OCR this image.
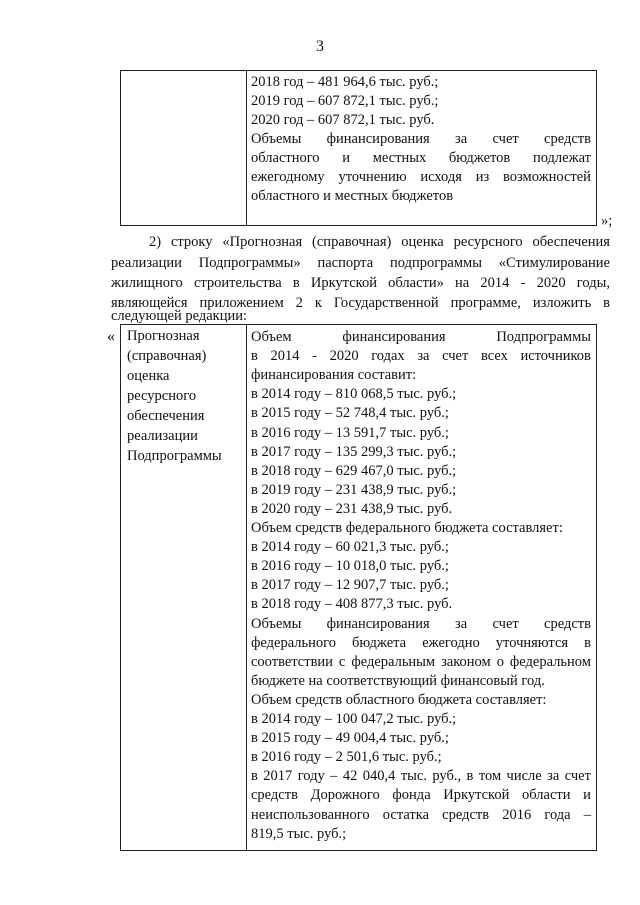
3
2018 год – 481 964,6 тыс. руб.;
2019 год – 607 872,1 тыс. руб.;
2020 год – 607 872,1 тыс. руб.
Объемы финансирования за счет средств
областного и местных бюджетов подлежат
ежегодному уточнению исходя из возможностей
областного и местных бюджетов
»;
2) строку «Прогнозная (справочная) оценка ресурсного обеспечения
реализации Подпрограммы» паспорта подпрограммы «Стимулирование
жилищного строительства в Иркутской области» на 2014 - 2020 годы,
являющейся приложением 2 к Государственной программе, изложить в
следующей редакции:
« Прогнозная
(справочная)
оценка
ресурсного
обеспечения
реализации
Подпрограммы
Объем	финансирования	Подпрограммы
в 2014 - 2020 годах за счет всех источников
финансирования составит:
в 2014 году – 810 068,5 тыс. руб.;
в 2015 году – 52 748,4 тыс. руб.;
в 2016 году – 13 591,7 тыс. руб.;
в 2017 году – 135 299,3 тыс. руб.;
в 2018 году – 629 467,0 тыс. руб.;
в 2019 году – 231 438,9 тыс. руб.;
в 2020 году – 231 438,9 тыс. руб.
Объем средств федерального бюджета составляет:
в 2014 году – 60 021,3 тыс. руб.;
в 2016 году – 10 018,0 тыс. руб.;
в 2017 году – 12 907,7 тыс. руб.;
в 2018 году – 408 877,3 тыс. руб.
Объемы финансирования за счет средств
федерального бюджета ежегодно уточняются в
соответствии с федеральным законом о федеральном
бюджете на соответствующий финансовый год.
Объем средств областного бюджета составляет:
в 2014 году – 100 047,2 тыс. руб.;
в 2015 году – 49 004,4 тыс. руб.;
в 2016 году – 2 501,6 тыс. руб.;
в 2017 году – 42 040,4 тыс. руб., в том числе за счет
средств Дорожного фонда Иркутской области и
неиспользованного остатка средств 2016 года –
819,5 тыс. руб.;
